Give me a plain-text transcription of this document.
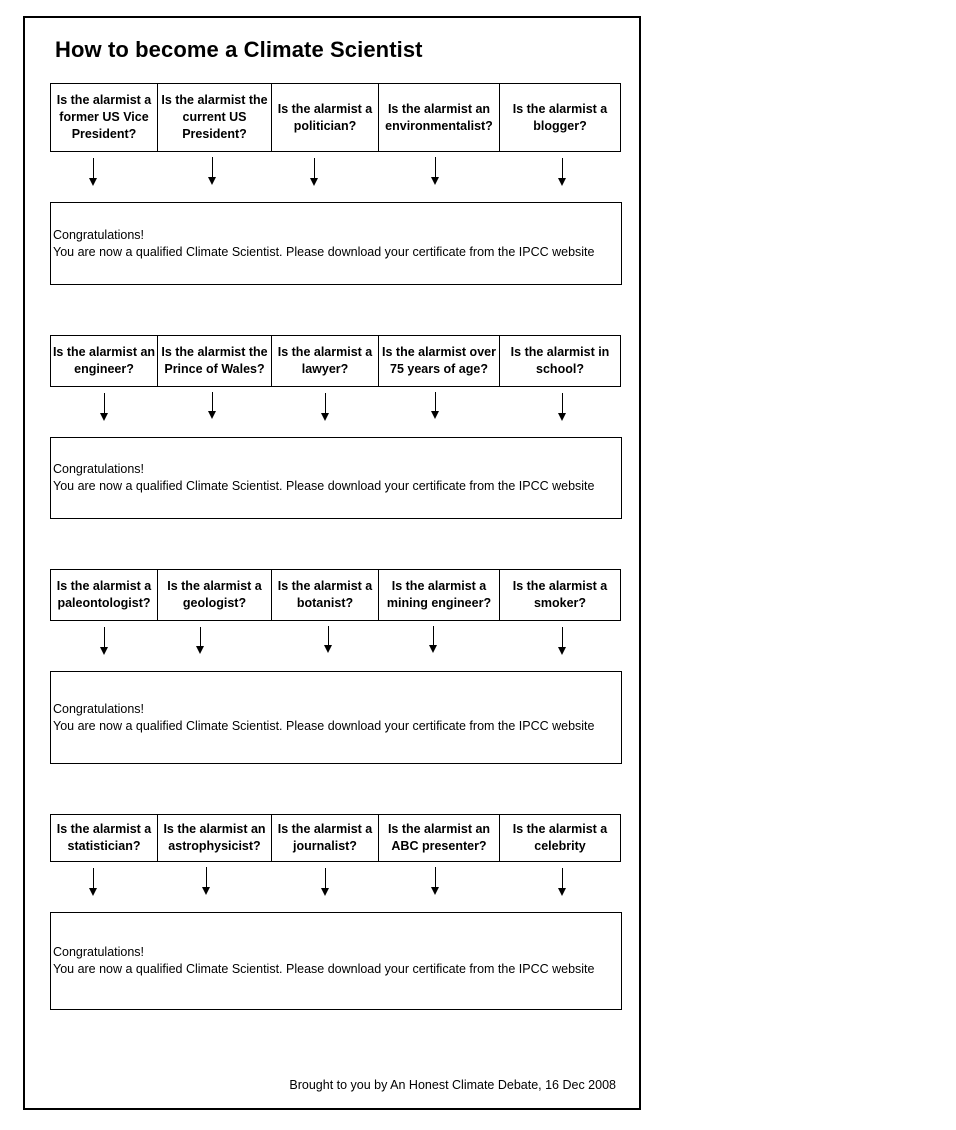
How to become a Climate Scientist
Is the alarmist a former US Vice President?
Is the alarmist the current US President?
Is the alarmist a politician?
Is the alarmist an environmentalist?
Is the alarmist a blogger?
Congratulations!
You are now a qualified Climate Scientist. Please download your certificate from the IPCC website
Is the alarmist an engineer?
Is the alarmist the Prince of Wales?
Is the alarmist a lawyer?
Is the alarmist over 75 years of age?
Is the alarmist in school?
Congratulations!
You are now a qualified Climate Scientist. Please download your certificate from the IPCC website
Is the alarmist a paleontologist?
Is the alarmist a geologist?
Is the alarmist a botanist?
Is the alarmist a mining engineer?
Is the alarmist a smoker?
Congratulations!
You are now a qualified Climate Scientist. Please download your certificate from the IPCC website
Is the alarmist a statistician?
Is the alarmist an astrophysicist?
Is the alarmist a journalist?
Is the alarmist an ABC presenter?
Is the alarmist a celebrity
Congratulations!
You are now a qualified Climate Scientist. Please download your certificate from the IPCC website
Brought to you by An Honest Climate Debate, 16 Dec 2008
